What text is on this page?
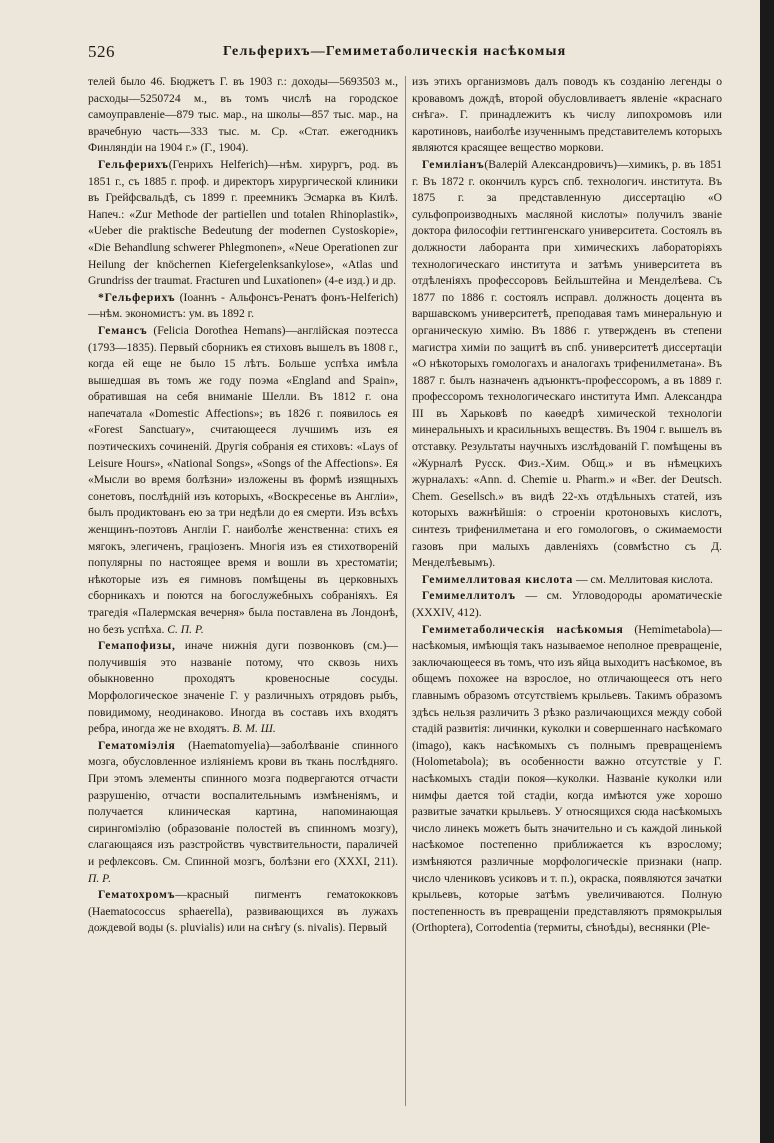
526	Гельферихъ—Гемиметаболическія насѣкомыя

телей было 46. Бюджетъ Г. въ 1903 г.: доходы—5693503 м., расходы—5250724 м., въ томъ числѣ на городское самоуправленіе—879 тыс. мар., на школы—857 тыс. мар., на врачебную часть—333 тыс. м. Ср. «Стат. ежегодникъ Финляндіи на 1904 г.» (Г., 1904).

Гельферихъ(Генрихъ Helferich)—нѣм. хирургъ, род. въ 1851 г., съ 1885 г. проф. и директоръ хирургической клиники въ Грейфсвальдѣ, съ 1899 г. преемникъ Эсмарка въ Килѣ. Напеч.: «Zur Methode der partiellen und totalen Rhinoplastik», «Ueber die praktische Bedeutung der modernen Cystoskopie», «Die Behandlung schwerer Phlegmonen», «Neue Operationen zur Heilung der knöchernen Kiefergelenksankylose», «Atlas und Grundriss der traumat. Fracturen und Luxationen» (4-е изд.) и др.

*Гельферихъ (Іоаннъ - Альфонсъ-Ренатъ фонъ-Helferich)—нѣм. экономистъ: ум. въ 1892 г.

Геманcъ (Felicia Dorothea Hemans)—англійская поэтесса (1793—1835). Первый сборникъ ея стиховъ вышелъ въ 1808 г., когда ей еще не было 15 лѣтъ. Больше успѣха имѣла вышедшая въ томъ же году поэма «England and Spain», обратившая на себя вниманіе Шелли. Въ 1812 г. она напечатала «Domestic Affections»; въ 1826 г. появилось ея «Forest Sanctuary», считающееся лучшимъ изъ ея поэтическихъ сочиненій. Другія собранія ея стиховъ: «Lays of Leisure Hours», «National Songs», «Songs of the Affections». Ея «Мысли во время болѣзни» изложены въ формѣ изящныхъ сонетовъ, послѣдній изъ которыхъ, «Воскресенье въ Англіи», былъ продиктованъ ею за три недѣли до ея смерти. Изъ всѣхъ женщинъ-поэтовъ Англіи Г. наиболѣе женственна: стихъ ея мягокъ, элегиченъ, граціозенъ. Многія изъ ея стихотвореній популярны по настоящее время и вошли въ хрестоматіи; нѣкоторые изъ ея гимновъ помѣщены въ церковныхъ сборникахъ и поются на богослужебныхъ собраніяхъ. Ея трагедія «Палермская вечерня» была поставлена въ Лондонѣ, но безъ успѣха. С. П. Р.

Гемапофизы, иначе нижнія дуги позвонковъ (см.)—получившія это названіе потому, что сквозь нихъ обыкновенно проходятъ кровеносные сосуды. Морфологическое значеніе Г. у различныхъ отрядовъ рыбъ, повидимому, неодинаково. Иногда въ составъ ихъ входятъ ребра, иногда же не входятъ. В. М. Ш.

Гематомiэлія (Haematomyelia)—заболѣваніе спинного мозга, обусловленное изліяніемъ крови въ ткань послѣдняго. При этомъ элементы спинного мозга подвергаются отчасти разрушенію, отчасти воспалительнымъ измѣненіямъ, и получается клиническая картина, напоминающая сирингомiэлію (образованіе полостей въ спинномъ мозгу), слагающаяся изъ разстройствъ чувствительности, параличей и рефлексовъ. См. Спинной мозгъ, болѣзни его (XXXI, 211). П. Р.

Гематохромъ—красный пигментъ гематококковъ (Haematococcus sphaerella), развивающихся въ лужахъ дождевой воды (s. pluvialis) или на снѣгу (s. nivalis). Первый

изъ этихъ организмовъ далъ поводъ къ созданію легенды о кровавомъ дождѣ, второй обусловливаетъ явленіе «краснаго снѣга». Г. принадлежитъ къ числу липохромовъ или каротиновъ, наиболѣе изученнымъ представителемъ которыхъ являются красящее вещество моркови.

Гемиліанъ(Валерій Александровичъ)—химикъ, р. въ 1851 г. Въ 1872 г. окончилъ курсъ спб. технологич. института. Въ 1875 г. за представленную диссертацію «О сульфопроизводныхъ масляной кислоты» получилъ званіе доктора философіи геттингенскаго университета. Состоялъ въ должности лаборанта при химическихъ лабораторіяхъ технологическаго института и затѣмъ университета въ отдѣленіяхъ профессоровъ Бейльштейна и Менделѣева. Съ 1877 по 1886 г. состоялъ исправл. должность доцента въ варшавскомъ университетѣ, преподавая тамъ минеральную и органическую химію. Въ 1886 г. утвержденъ въ степени магистра химіи по защитѣ въ спб. университетѣ диссертаціи «О нѣкоторыхъ гомологахъ и аналогахъ трифенилметана». Въ 1887 г. былъ назначенъ адъюнктъ-профессоромъ, а въ 1889 г. профессоромъ технологическаго института Имп. Александра III въ Харьковѣ по каѳедрѣ химической технологіи минеральныхъ и красильныхъ веществъ. Въ 1904 г. вышелъ въ отставку. Результаты научныхъ изслѣдованій Г. помѣщены въ «Журналѣ Русск. Физ.-Хим. Общ.» и въ нѣмецкихъ журналахъ: «Ann. d. Chemie u. Pharm.» и «Ber. der Deutsch. Chem. Gesellsch.» въ видѣ 22-хъ отдѣльныхъ статей, изъ которыхъ важнѣйшія: о строеніи кротоновыхъ кислотъ, синтезъ трифенилметана и его гомологовъ, о сжимаемости газовъ при малыхъ давленіяхъ (совмѣстно съ Д. Менделѣевымъ).

Гемимеллитовая кислота — см. Меллитовая кислота.

Гемимеллитолъ — см. Угловодороды ароматическіе (XXXIV, 412).

Гемиметаболическія насѣкомыя (Hemimetabola)—насѣкомыя, имѣющія такъ называемое неполное превращеніе, заключающееся въ томъ, что изъ яйца выходитъ насѣкомое, въ общемъ похожее на взрослое, но отличающееся отъ него главнымъ образомъ отсутствіемъ крыльевъ. Такимъ образомъ здѣсь нельзя различить 3 рѣзко различающихся между собой стадій развитія: личинки, куколки и совершеннаго насѣкомаго (imago), какъ насѣкомыхъ съ полнымъ превращеніемъ (Holometabola); въ особенности важно отсутствіе у Г. насѣкомыхъ стадіи покоя—куколки. Названіе куколки или нимфы дается той стадіи, когда имѣются уже хорошо развитые зачатки крыльевъ. У относящихся сюда насѣкомыхъ число линекъ можетъ быть значительно и съ каждой линькой насѣкомое постепенно приближается къ взрослому; измѣняются различные морфологическіе признаки (напр. число члениковъ усиковъ и т. п.), окраска, появляются зачатки крыльевъ, которые затѣмъ увеличиваются. Полную постепенность въ превращеніи представляютъ прямокрылыя (Orthoptera), Corrodentia (термиты, сѣноѣды), веснянки (Ple-
